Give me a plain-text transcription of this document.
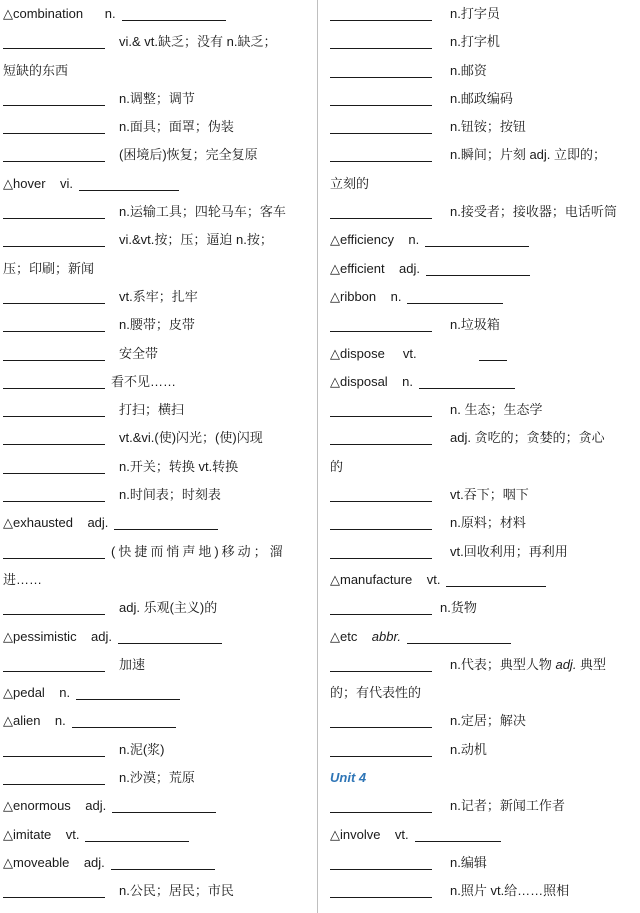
△combination n.
vi.& vt.缺乏；没有 n.缺乏；
短缺的东西
n.调整；调节
n.面具；面罩；伪装
(困境后)恢复；完全复原
△hover vi.
n.运输工具；四轮马车；客车
vi.&vt.按；压；逼迫 n.按；
压；印刷；新闻
vt.系牢；扎牢
n.腰带；皮带
安全带
看不见……
打扫；横扫
vt.&vi.(使)闪光；(使)闪现
n.开关；转换 vt.转换
n.时间表；时刻表
△exhausted adj.
(快捷而悄声地)移动；溜
进……
adj. 乐观(主义)的
△pessimistic adj.
加速
△pedal n.
△alien n.
n.泥(浆)
n.沙漠；荒原
△enormous adj.
△imitate vt.
△moveable adj.
n.公民；居民；市民
n.打字员
n.打字机
n.邮资
n.邮政编码
n.钮铵；按钮
n.瞬间；片刻 adj. 立即的；
立刻的
n.接受者；接收器；电话听筒
△efficiency n.
△efficient adj.
△ribbon n.
n.垃圾箱
△dispose vt.
△disposal n.
n. 生态；生态学
adj. 贪吃的；贪婪的；贪心
的
vt.吞下；咽下
n.原料；材料
vt.回收利用；再利用
△manufacture vt.
n.货物
△etc abbr.
n.代表；典型人物 adj. 典型
的；有代表性的
n.定居；解决
n.动机
Unit 4
n.记者；新闻工作者
△involve vt.
n.编辑
n.照片 vt.给……照相
